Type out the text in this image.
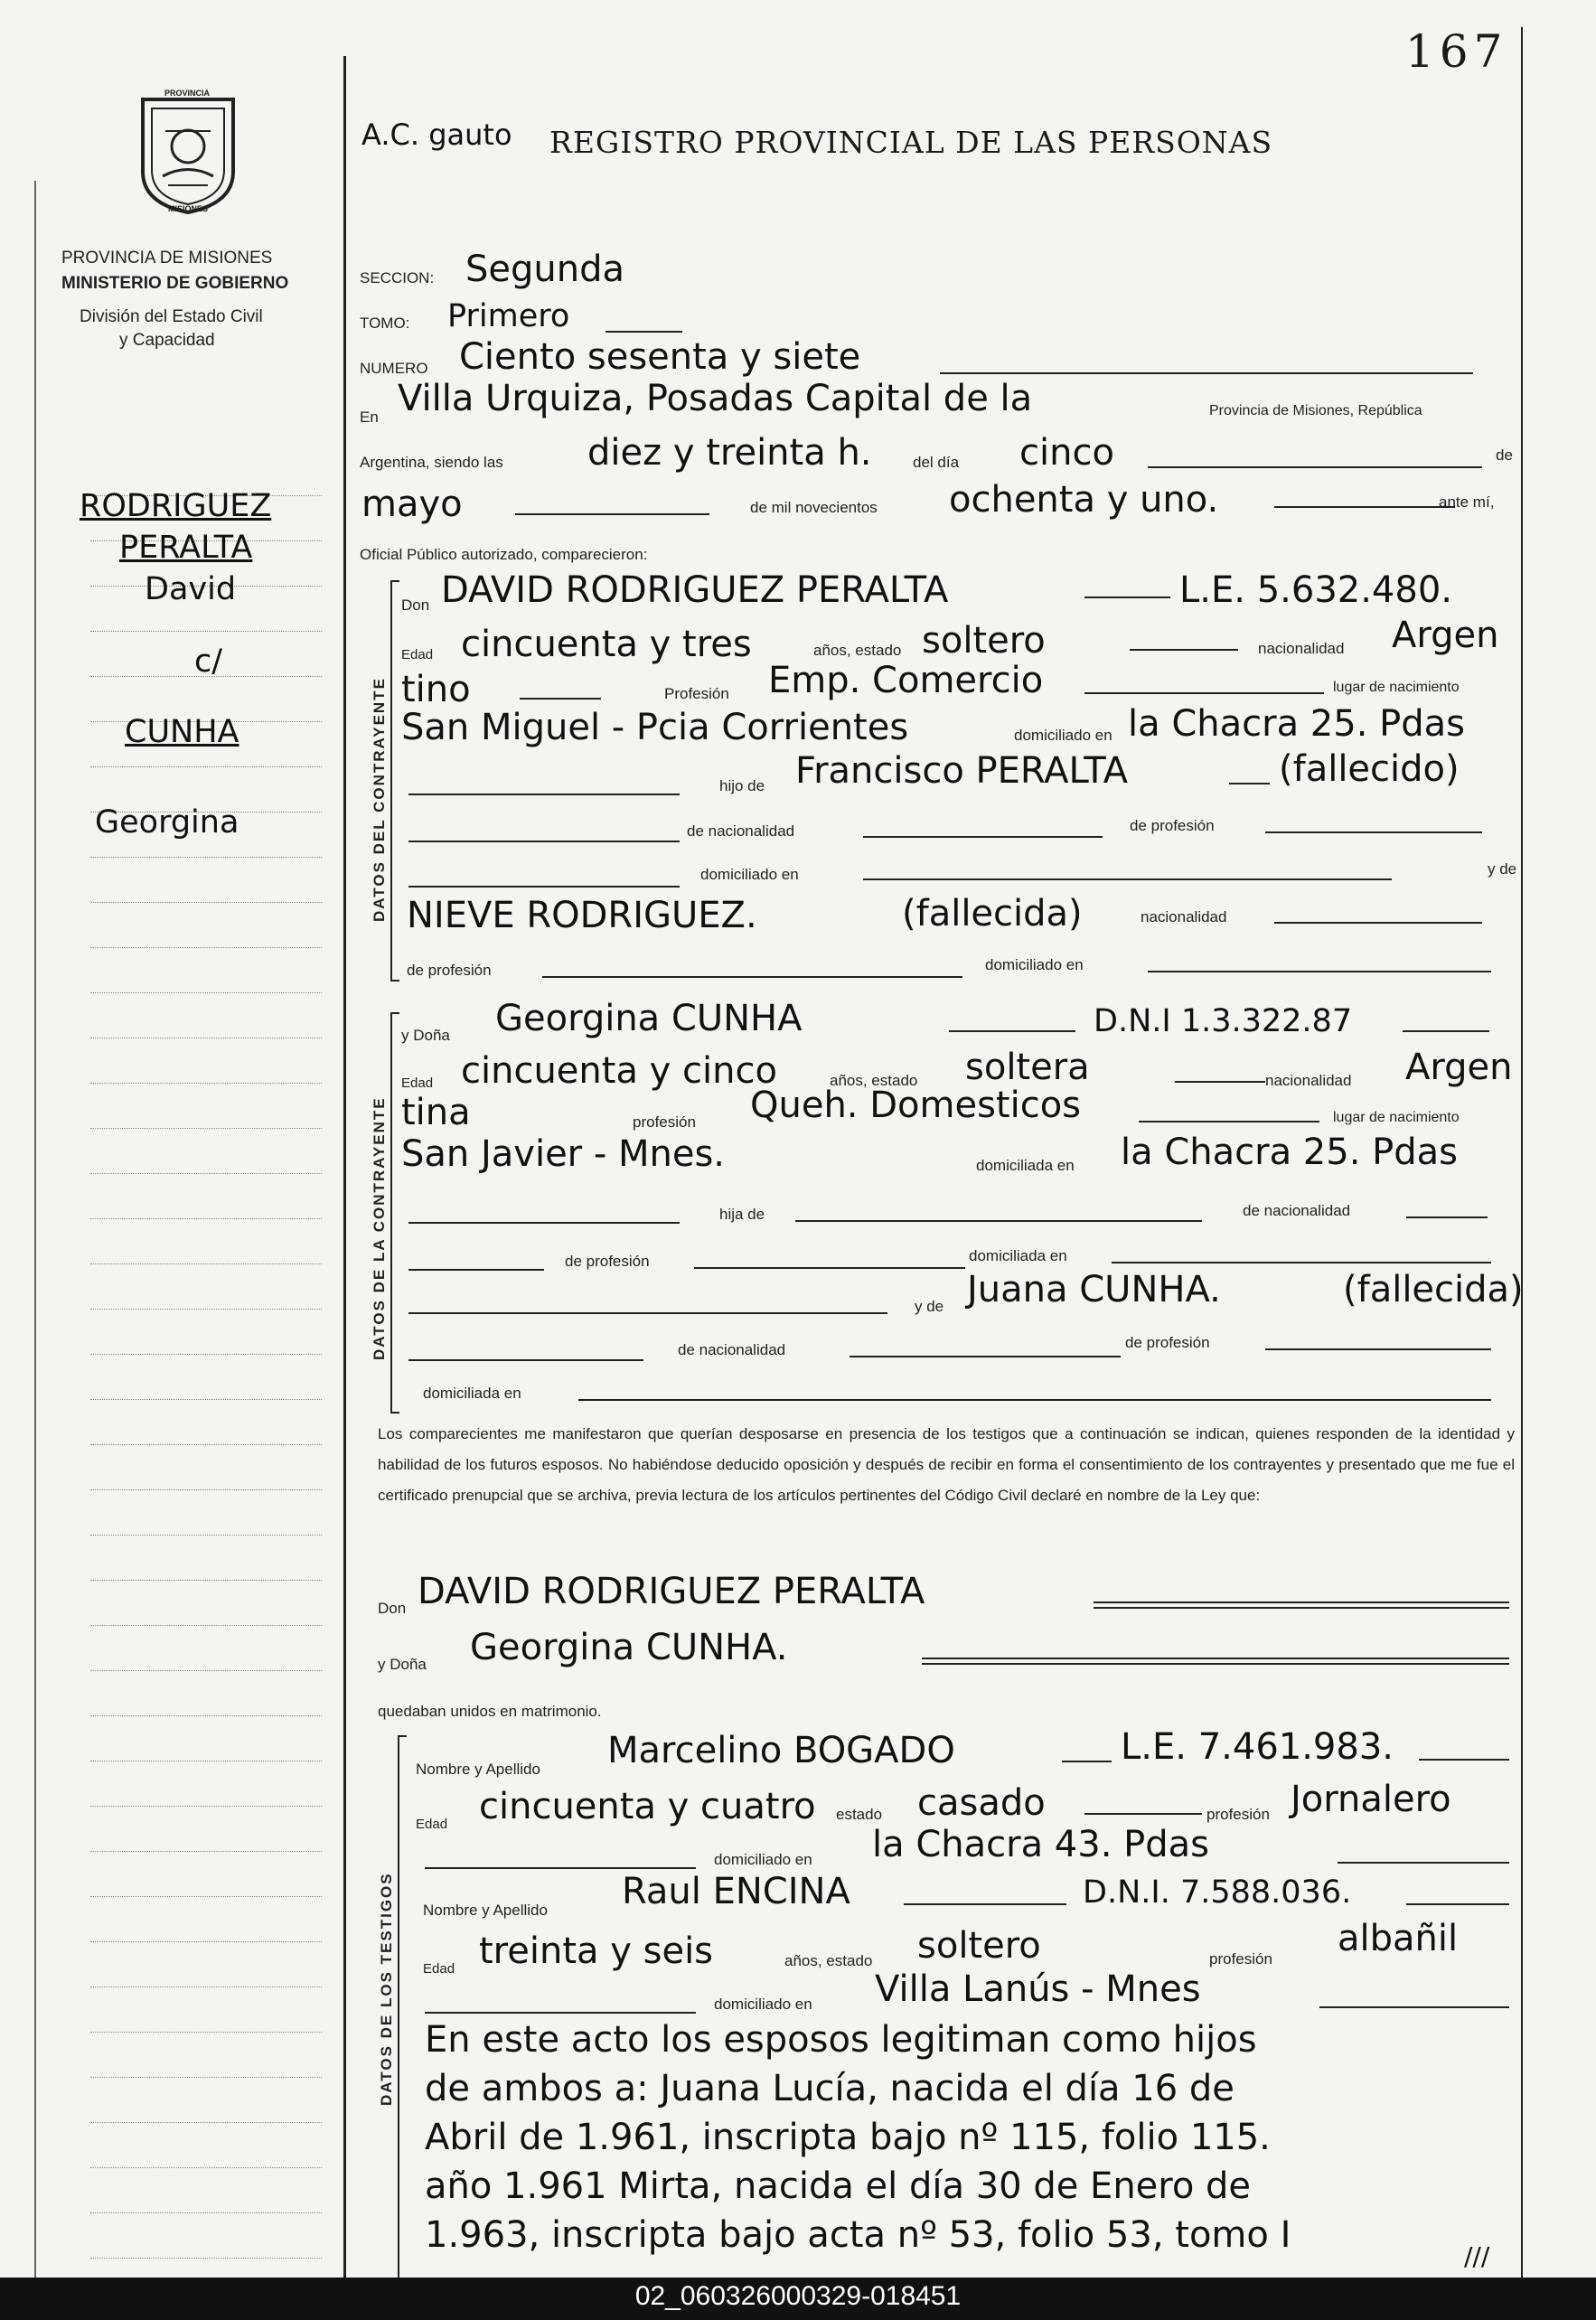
167
PROVINCIA
MISIONES
PROVINCIA DE MISIONES
MINISTERIO DE GOBIERNO
División del Estado Civil
y Capacidad
RODRIGUEZ
PERALTA
David
c/
CUNHA
Georgina
A.C. gauto REGISTRO PROVINCIAL DE LAS PERSONAS
SECCION: Segunda
TOMO: Primero
NUMERO Ciento sesenta y siete
En Villa Urquiza, Posadas Capital de la	Provincia de Misiones, República
Argentina, siendo las diez y treinta h.	del día cinco	de
mayo	de mil novecientos ochenta y uno.	ante mí,
Oficial Público autorizado, comparecieron:
DATOS DEL CONTRAYENTE
Don DAVID RODRIGUEZ PERALTA	L.E. 5.632.480.
Edad cincuenta y tres	años, estado soltero	nacionalidad Argen
tino	Profesión Emp. Comercio	lugar de nacimiento
San Miguel - Pcia Corrientes	domiciliado en la Chacra 25. Pdas
hijo de Francisco PERALTA	(fallecido)
de nacionalidad	de profesión
domiciliado en	y de
NIEVE RODRIGUEZ.	(fallecida)	nacionalidad
de profesión	domiciliado en
DATOS DE LA CONTRAYENTE
y Doña Georgina CUNHA	D.N.I 1.3.322.87
Edad cincuenta y cinco	años, estado soltera	nacionalidad Argen
tina	profesión Queh. Domesticos	lugar de nacimiento
San Javier - Mnes.	domiciliada en la Chacra 25. Pdas
hija de	de nacionalidad
de profesión	domiciliada en
y de Juana CUNHA.	(fallecida)
de nacionalidad	de profesión
domiciliada en
Los comparecientes me manifestaron que querían desposarse en presencia de los testigos que a continuación se indican, quienes responden de la identidad y habilidad de los futuros esposos. No habiéndose deducido oposición y después de recibir en forma el consentimiento de los contrayentes y presentado que me fue el certificado prenupcial que se archiva, previa lectura de los artículos pertinentes del Código Civil declaré en nombre de la Ley que:
Don DAVID RODRIGUEZ PERALTA
y Doña Georgina CUNHA.
quedaban unidos en matrimonio.
DATOS DE LOS TESTIGOS
Nombre y Apellido Marcelino BOGADO	L.E. 7.461.983.
Edad cincuenta y cuatro estado casado	profesión Jornalero
domiciliado en la Chacra 43. Pdas
Nombre y Apellido Raul ENCINA	D.N.I. 7.588.036.
Edad treinta y seis	años, estado soltero	profesión albañil
domiciliado en Villa Lanús - Mnes
En este acto los esposos legitiman como hijos
de ambos a: Juana Lucía, nacida el día 16 de
Abril de 1.961, inscripta bajo nº 115, folio 115.
año 1.961 Mirta, nacida el día 30 de Enero de
1.963, inscripta bajo acta nº 53, folio 53, tomo I
///
02_060326000329-018451
